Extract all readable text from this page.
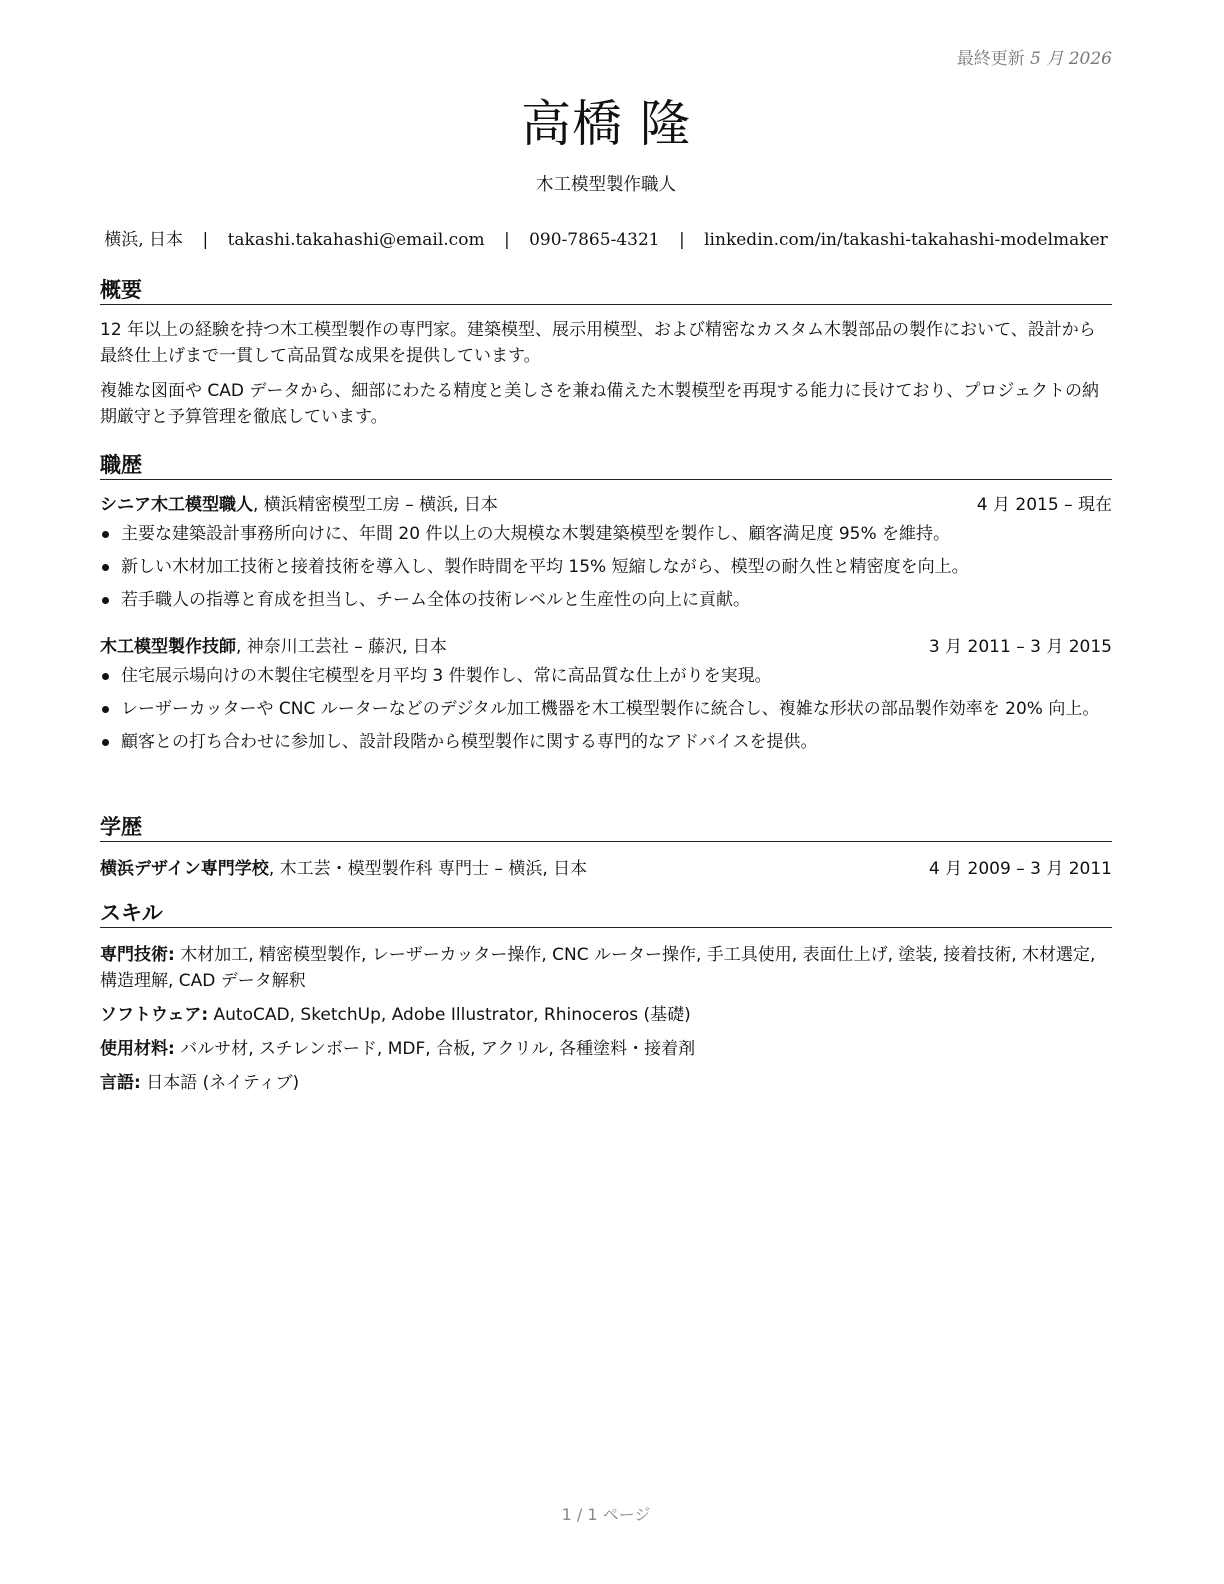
最終更新 5 月 2026
高橋 隆
木工模型製作職人
横浜, 日本 | takashi.takahashi@email.com | 090-7865-4321 | linkedin.com/in/takashi-takahashi-modelmaker
概要

12 年以上の経験を持つ木工模型製作の専門家。建築模型、展示用模型、および精密なカスタム木製部品の製作において、設計から最終仕上げまで一貫して高品質な成果を提供しています。

複雑な図面や CAD データから、細部にわたる精度と美しさを兼ね備えた木製模型を再現する能力に長けており、プロジェクトの納期厳守と予算管理を徹底しています。

職歴
シニア木工模型職人, 横浜精密模型工房 – 横浜, 日本	4 月 2015 – 現在
主要な建築設計事務所向けに、年間 20 件以上の大規模な木製建築模型を製作し、顧客満足度 95% を維持。
新しい木材加工技術と接着技術を導入し、製作時間を平均 15% 短縮しながら、模型の耐久性と精密度を向上。
若手職人の指導と育成を担当し、チーム全体の技術レベルと生産性の向上に貢献。
木工模型製作技師, 神奈川工芸社 – 藤沢, 日本	3 月 2011 – 3 月 2015
住宅展示場向けの木製住宅模型を月平均 3 件製作し、常に高品質な仕上がりを実現。
レーザーカッターや CNC ルーターなどのデジタル加工機器を木工模型製作に統合し、複雑な形状の部品製作効率を 20% 向上。
顧客との打ち合わせに参加し、設計段階から模型製作に関する専門的なアドバイスを提供。
学歴
横浜デザイン専門学校, 木工芸・模型製作科 専門士 – 横浜, 日本	4 月 2009 – 3 月 2011
スキル
専門技術: 木材加工, 精密模型製作, レーザーカッター操作, CNC ルーター操作, 手工具使用, 表面仕上げ, 塗装, 接着技術, 木材選定, 構造理解, CAD データ解釈
ソフトウェア: AutoCAD, SketchUp, Adobe Illustrator, Rhinoceros (基礎)
使用材料: バルサ材, スチレンボード, MDF, 合板, アクリル, 各種塗料・接着剤
言語: 日本語 (ネイティブ)
1 / 1 ページ
